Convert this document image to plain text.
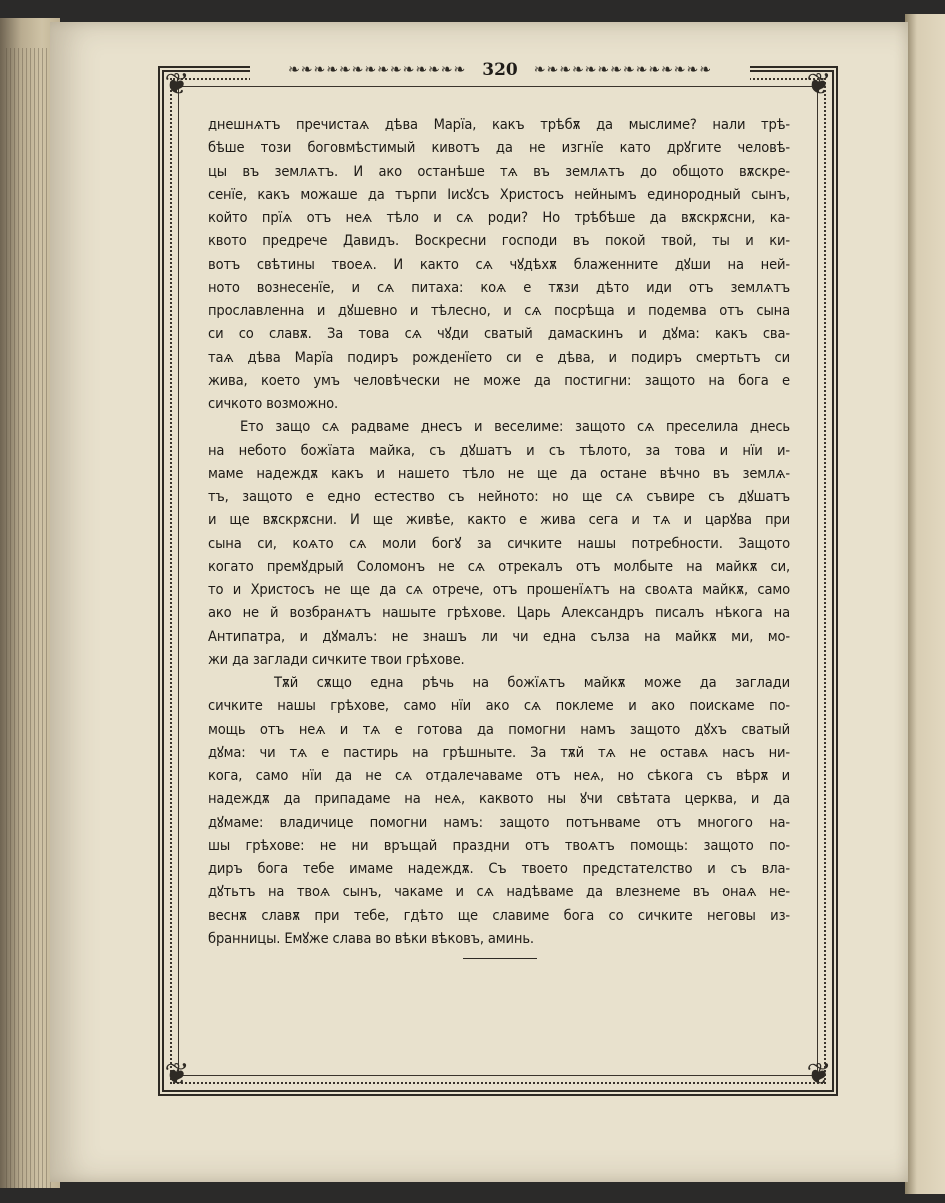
❦	❦
❦	❦
❧❧❧❧❧❧❧❧❧❧❧❧❧❧ 320	❧❧❧❧❧❧❧❧❧❧❧❧❧❧

днешнѧтъ пречистаѧ дѣва Марїа, какъ трѣбѫ да мыслиме? нали трѣ-
бѣше този боговмѣстимый кивотъ да не изгнїе като дрꙋгите человѣ-
цы въ землѧтъ. И ако останѣше тѧ въ землѧтъ до общото вѫскре-
сенїе, какъ можаше да търпи Iисꙋсъ Христосъ нейнымъ единородный сынъ,
който прїѧ отъ неѧ тѣло и сѧ роди? Но трѣбѣше да вѫскрѫсни, ка-
квото предрече Давидъ. Воскресни господи въ покой твой, ты и ки-
вотъ свѣтины твоеѧ. И както сѧ чꙋдѣхѫ блаженните дꙋши на ней-
ното вознесенїе, и сѧ питаха: коѧ е тѫзи дѣто иди отъ землѧтъ
прославленна и дꙋшевно и тѣлесно, и сѧ посрѣща и подемва отъ сына
си со славѫ. За това сѧ чꙋди сватый дамаскинъ и дꙋма: какъ сва-
таѧ дѣва Марїа подиръ рожденїето си е дѣва, и подиръ смертьтъ си
жива, което умъ человѣчески не може да постигни: защото на бога е
сичкото возможно.

Ето защо сѧ радваме днесъ и веселиме: защото сѧ преселила днесь
на небото божїата майка, съ дꙋшатъ и съ тѣлото, за това и нїи и-
маме надеждѫ какъ и нашето тѣло не ще да остане вѣчно въ землѧ-
тъ, защото е едно естество съ нейното: но ще сѧ съвире съ дꙋшатъ
и ще вѫскрѫсни. И ще живѣе, както е жива сега и тѧ и царꙋва при
сына си, коѧто сѧ моли богꙋ за сичките нашы потребности. Защото
когато премꙋдрый Соломонъ не сѧ отрекалъ отъ молбыте на майкѫ си,
то и Христосъ не ще да сѧ отрече, отъ прошенїѧтъ на своѧта майкѫ, само
ако не й возбранѧтъ нашыте грѣхове. Царь Александръ писалъ нѣкога на
Антипатра, и дꙋмалъ: не знашъ ли чи една сълза на майкѫ ми, мо-
жи да заглади сичките твои грѣхове.

Тѫй сѫщо една рѣчь на божїѧтъ майкѫ може да заглади
сичките нашы грѣхове, само нїи ако сѧ поклеме и ако поискаме по-
мощь отъ неѧ и тѧ е готова да помогни намъ защото дꙋхъ сватый
дꙋма: чи тѧ е пастирь на грѣшныте. За тѫй тѧ не оставѧ насъ ни-
кога, само нїи да не сѧ отдалечаваме отъ неѧ, но сѣкога съ вѣрѫ и
надеждѫ да припадаме на неѧ, каквото ны ꙋчи свѣтата церква, и да
дꙋмаме: владичице помогни намъ: защото потънваме отъ многого на-
шы грѣхове: не ни връщай праздни отъ твоѧтъ помощь: защото по-
диръ бога тебе имаме надеждѫ. Съ твоето предстателство и съ вла-
дꙋтьтъ на твоѧ сынъ, чакаме и сѧ надѣваме да влезнеме въ онаѧ не-
веснѫ славѫ при тебе, гдѣто ще славиме бога со сичките неговы из-
бранницы. Емꙋже слава во вѣки вѣковъ, аминь.
